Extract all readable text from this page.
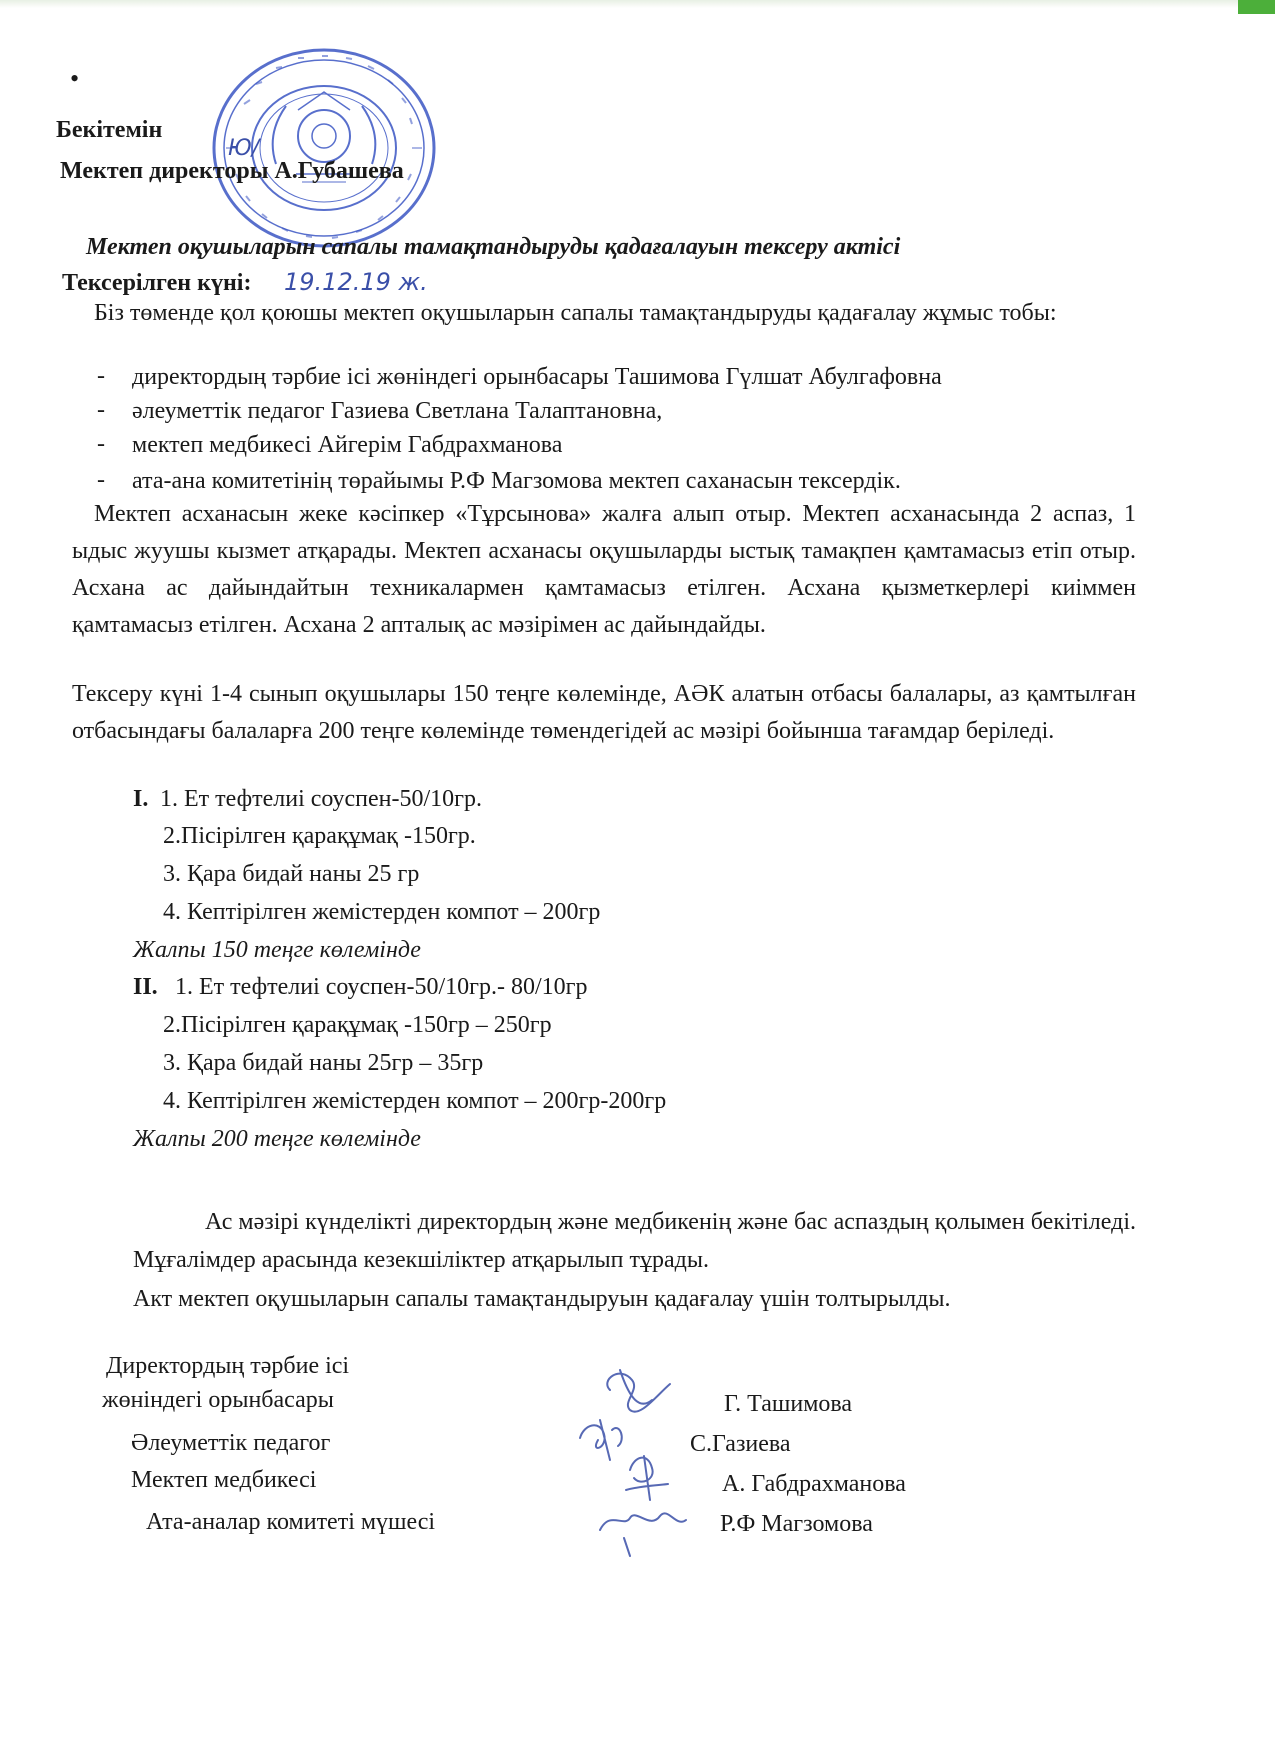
•
Бекітемін
Ю/
Мектеп директоры А.Губашева
Мектеп оқушыларын сапалы тамақтандыруды қадағалауын тексеру актісі
Тексерілген күні: 19.12.19 ж.
Біз төменде қол қоюшы мектеп оқушыларын сапалы тамақтандыруды қадағалау жұмыс тобы:
- директордың тәрбие ісі жөніндегі орынбасары Ташимова Гүлшат Абулгафовна
- әлеуметтік педагог Газиева Светлана Талаптановна,
- мектеп медбикесі Айгерім Габдрахманова
- ата-ана комитетінің төрайымы Р.Ф Магзомова мектеп саханасын тексердік.
Мектеп асханасын жеке кәсіпкер «Тұрсынова» жалға алып отыр. Мектеп асханасында 2 аспаз, 1 ыдыс жуушы кызмет атқарады. Мектеп асханасы оқушыларды ыстық тамақпен қамтамасыз етіп отыр. Асхана ас дайындайтын техникалармен қамтамасыз етілген. Асхана қызметкерлері киіммен қамтамасыз етілген. Асхана 2 апталық ас мәзірімен ас дайындайды.
Тексеру күні 1-4 сынып оқушылары 150 теңге көлемінде, АӘК алатын отбасы балалары, аз қамтылған отбасындағы балаларға 200 теңге көлемінде төмендегідей ас мәзірі бойынша тағамдар беріледі.
I. 1. Ет тефтелиі соуспен-50/10гр.
2.Пісірілген қарақұмақ -150гр.
3. Қара бидай наны 25 гр
4. Кептірілген жемістерден компот – 200гр
Жалпы 150 теңге көлемінде
II. 1. Ет тефтелиі соуспен-50/10гр.- 80/10гр
2.Пісірілген қарақұмақ -150гр – 250гр
3. Қара бидай наны 25гр – 35гр
4. Кептірілген жемістерден компот – 200гр-200гр
Жалпы 200 теңге көлемінде
Ас мәзірі күнделікті директордың және медбикенің және бас аспаздың қолымен бекітіледі. Мұғалімдер арасында кезекшіліктер атқарылып тұрады.
Акт мектеп оқушыларын сапалы тамақтандыруын қадағалау үшін толтырылды.
Директордың тәрбие ісі
жөніндегі орынбасары	Г. Ташимова
Әлеуметтік педагог	С.Газиева
Мектеп медбикесі	А. Габдрахманова
Ата-аналар комитеті мүшесі	Р.Ф Магзомова
